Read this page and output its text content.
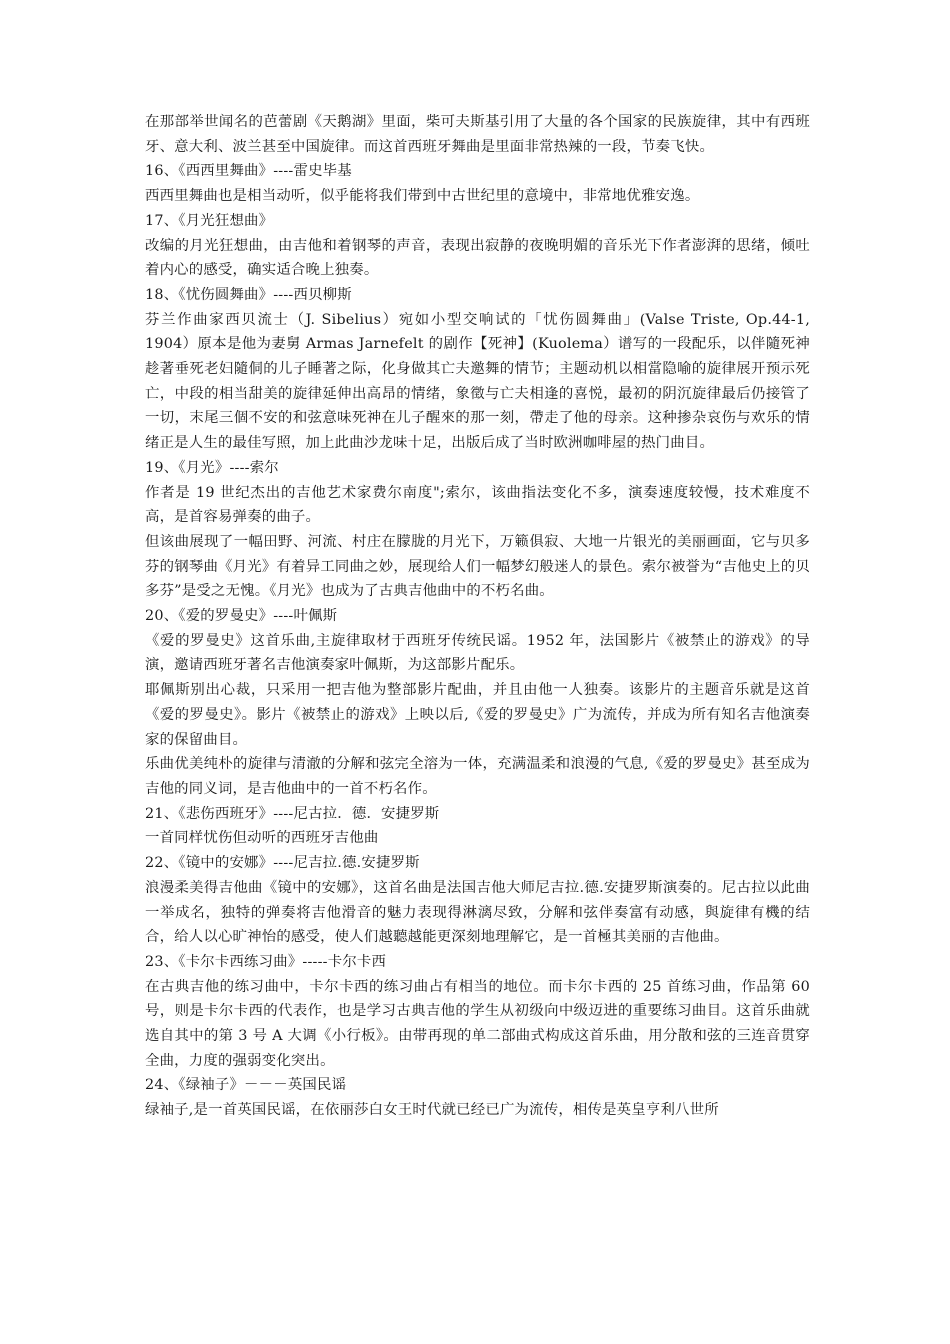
在那部举世闻名的芭蕾剧《天鹅湖》里面，柴可夫斯基引用了大量的各个国家的民族旋律，其中有西班牙、意大利、波兰甚至中国旋律。而这首西班牙舞曲是里面非常热辣的一段，节奏飞快。

16、《西西里舞曲》----雷史毕基

西西里舞曲也是相当动听，似乎能将我们带到中古世纪里的意境中，非常地优雅安逸。

17、《月光狂想曲》

改编的月光狂想曲，由吉他和着钢琴的声音，表现出寂静的夜晚明媚的音乐光下作者澎湃的思绪，倾吐着内心的感受，确实适合晚上独奏。

18、《忧伤圆舞曲》----西贝柳斯

芬兰作曲家西贝流士（J. Sibelius）宛如小型交响试的「忧伤圆舞曲」(Valse Triste, Op.44-1, 1904）原本是他为妻舅 Armas Jarnefelt 的剧作【死神】(Kuolema）谱写的一段配乐，以伴隨死神趁著垂死老妇隨侗的儿子睡著之际，化身做其亡夫邀舞的情节；主题动机以相當隐喻的旋律展开预示死亡，中段的相当甜美的旋律延伸出高昂的情绪，象徵与亡夫相逢的喜悦，最初的阴沉旋律最后仍接管了一切，末尾三個不安的和弦意味死神在儿子醒來的那一刻，帶走了他的母亲。这种掺杂哀伤与欢乐的情绪正是人生的最佳写照，加上此曲沙龙味十足，出版后成了当时欧洲咖啡屋的热门曲目。

19、《月光》----索尔

作者是 19 世纪杰出的吉他艺术家费尔南度";索尔，该曲指法变化不多，演奏速度较慢，技术难度不高，是首容易弹奏的曲子。

但该曲展现了一幅田野、河流、村庄在朦胧的月光下，万籁俱寂、大地一片银光的美丽画面，它与贝多芬的钢琴曲《月光》有着异工同曲之妙，展现给人们一幅梦幻般迷人的景色。索尔被誉为“吉他史上的贝多芬”是受之无愧。《月光》也成为了古典吉他曲中的不朽名曲。

20、《爱的罗曼史》----叶佩斯

《爱的罗曼史》这首乐曲,主旋律取材于西班牙传统民谣。1952 年，法国影片《被禁止的游戏》的导演，邀请西班牙著名吉他演奏家叶佩斯，为这部影片配乐。

耶佩斯别出心裁，只采用一把吉他为整部影片配曲，并且由他一人独奏。该影片的主题音乐就是这首《爱的罗曼史》。影片《被禁止的游戏》上映以后,《爱的罗曼史》广为流传，并成为所有知名吉他演奏家的保留曲目。

乐曲优美纯朴的旋律与清澈的分解和弦完全溶为一体，充满温柔和浪漫的气息,《爱的罗曼史》甚至成为吉他的同义词，是吉他曲中的一首不朽名作。

21、《悲伤西班牙》----尼古拉．德．安捷罗斯

一首同样忧伤但动听的西班牙吉他曲

22、《镜中的安娜》----尼吉拉.德.安捷罗斯

浪漫柔美得吉他曲《镜中的安娜》，这首名曲是法国吉他大师尼吉拉.德.安捷罗斯演奏的。尼古拉以此曲一举成名，独特的弹奏将吉他滑音的魅力表现得淋漓尽致，分解和弦伴奏富有动感，與旋律有機的结合，给人以心旷神怡的感受，使人们越聽越能更深刻地理解它，是一首極其美丽的吉他曲。

23、《卡尔卡西练习曲》-----卡尔卡西

在古典吉他的练习曲中，卡尔卡西的练习曲占有相当的地位。而卡尔卡西的 25 首练习曲，作品第 60 号，则是卡尔卡西的代表作，也是学习古典吉他的学生从初级向中级迈进的重要练习曲目。这首乐曲就选自其中的第 3 号 A 大调《小行板》。由带再现的单二部曲式构成这首乐曲，用分散和弦的三连音贯穿全曲，力度的强弱变化突出。

24、《绿袖子》－－－英国民谣

绿袖子,是一首英国民谣，在依丽莎白女王时代就已经已广为流传，相传是英皇亨利八世所
